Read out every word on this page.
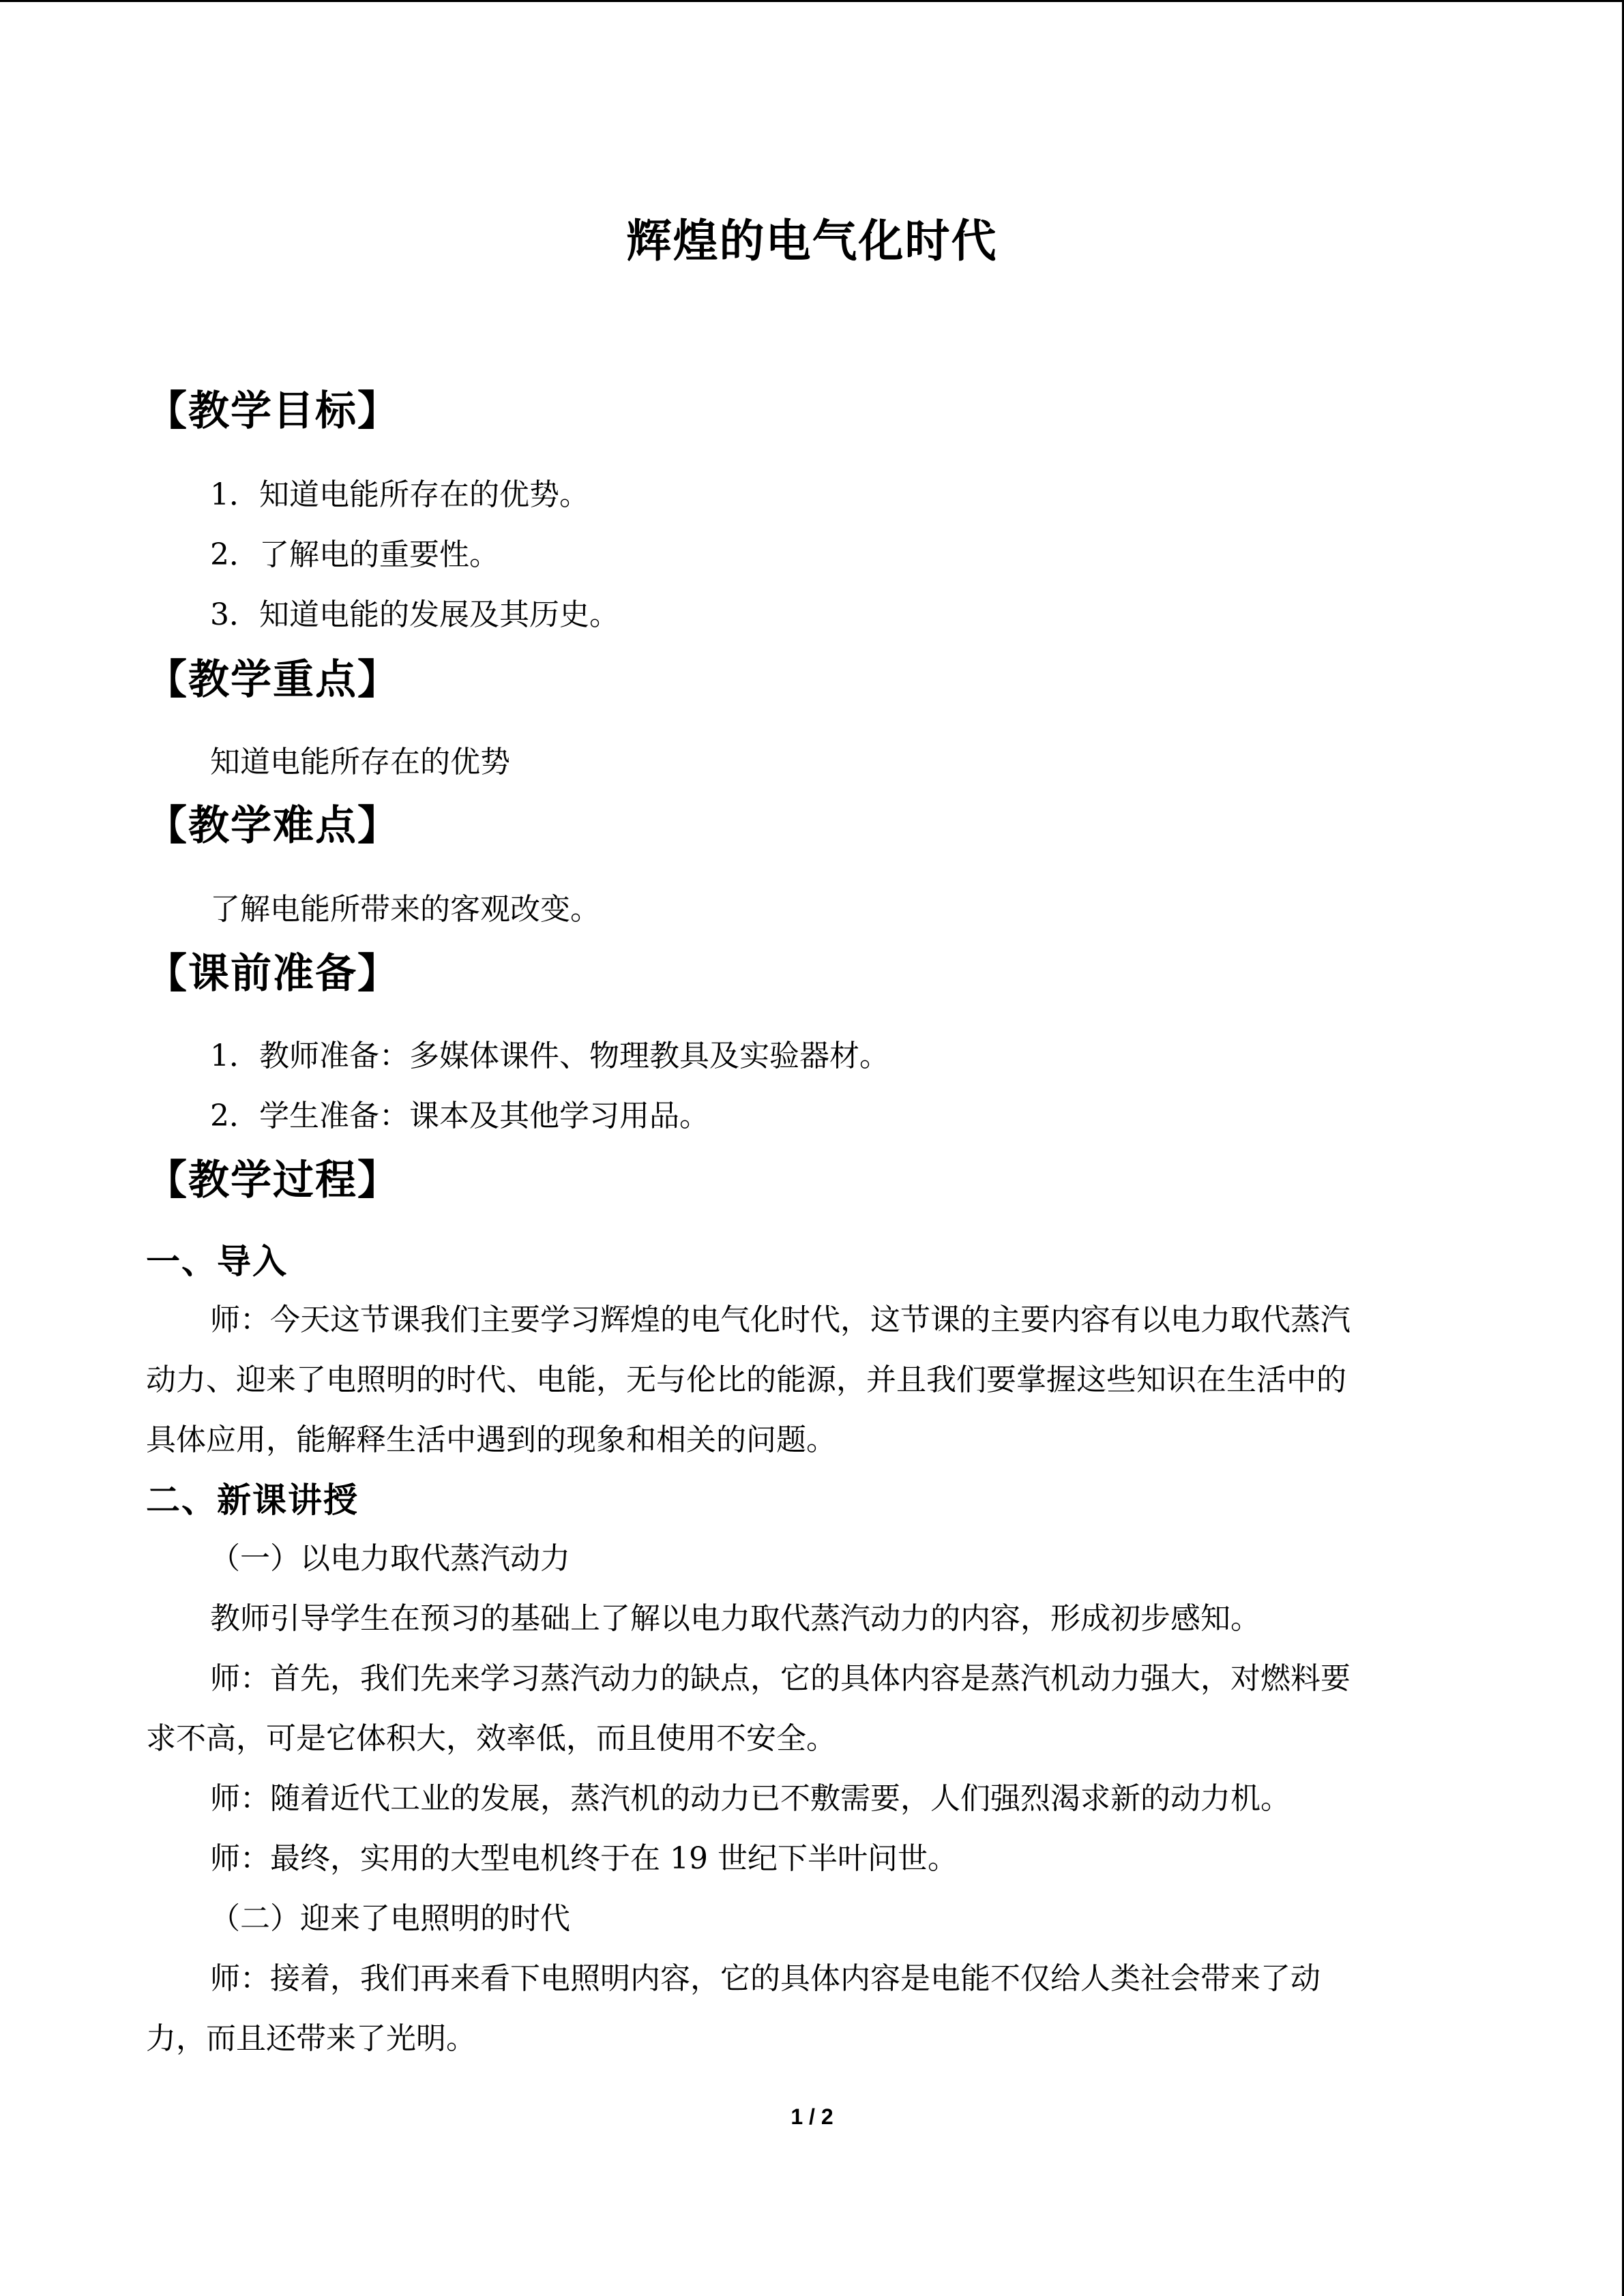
辉煌的电气化时代
【教学目标】
1．知道电能所存在的优势。
2．了解电的重要性。
3．知道电能的发展及其历史。
【教学重点】
知道电能所存在的优势
【教学难点】
了解电能所带来的客观改变。
【课前准备】
1．教师准备：多媒体课件、物理教具及实验器材。
2．学生准备：课本及其他学习用品。
【教学过程】
一、导入
师：今天这节课我们主要学习辉煌的电气化时代，这节课的主要内容有以电力取代蒸汽
动力、迎来了电照明的时代、电能，无与伦比的能源，并且我们要掌握这些知识在生活中的
具体应用，能解释生活中遇到的现象和相关的问题。
二、新课讲授
（一）以电力取代蒸汽动力
教师引导学生在预习的基础上了解以电力取代蒸汽动力的内容，形成初步感知。
师：首先，我们先来学习蒸汽动力的缺点，它的具体内容是蒸汽机动力强大，对燃料要
求不高，可是它体积大，效率低，而且使用不安全。
师：随着近代工业的发展，蒸汽机的动力已不敷需要，人们强烈渴求新的动力机。
师：最终，实用的大型电机终于在 19 世纪下半叶问世。
（二）迎来了电照明的时代
师：接着，我们再来看下电照明内容，它的具体内容是电能不仅给人类社会带来了动
力，而且还带来了光明。
1 / 2
